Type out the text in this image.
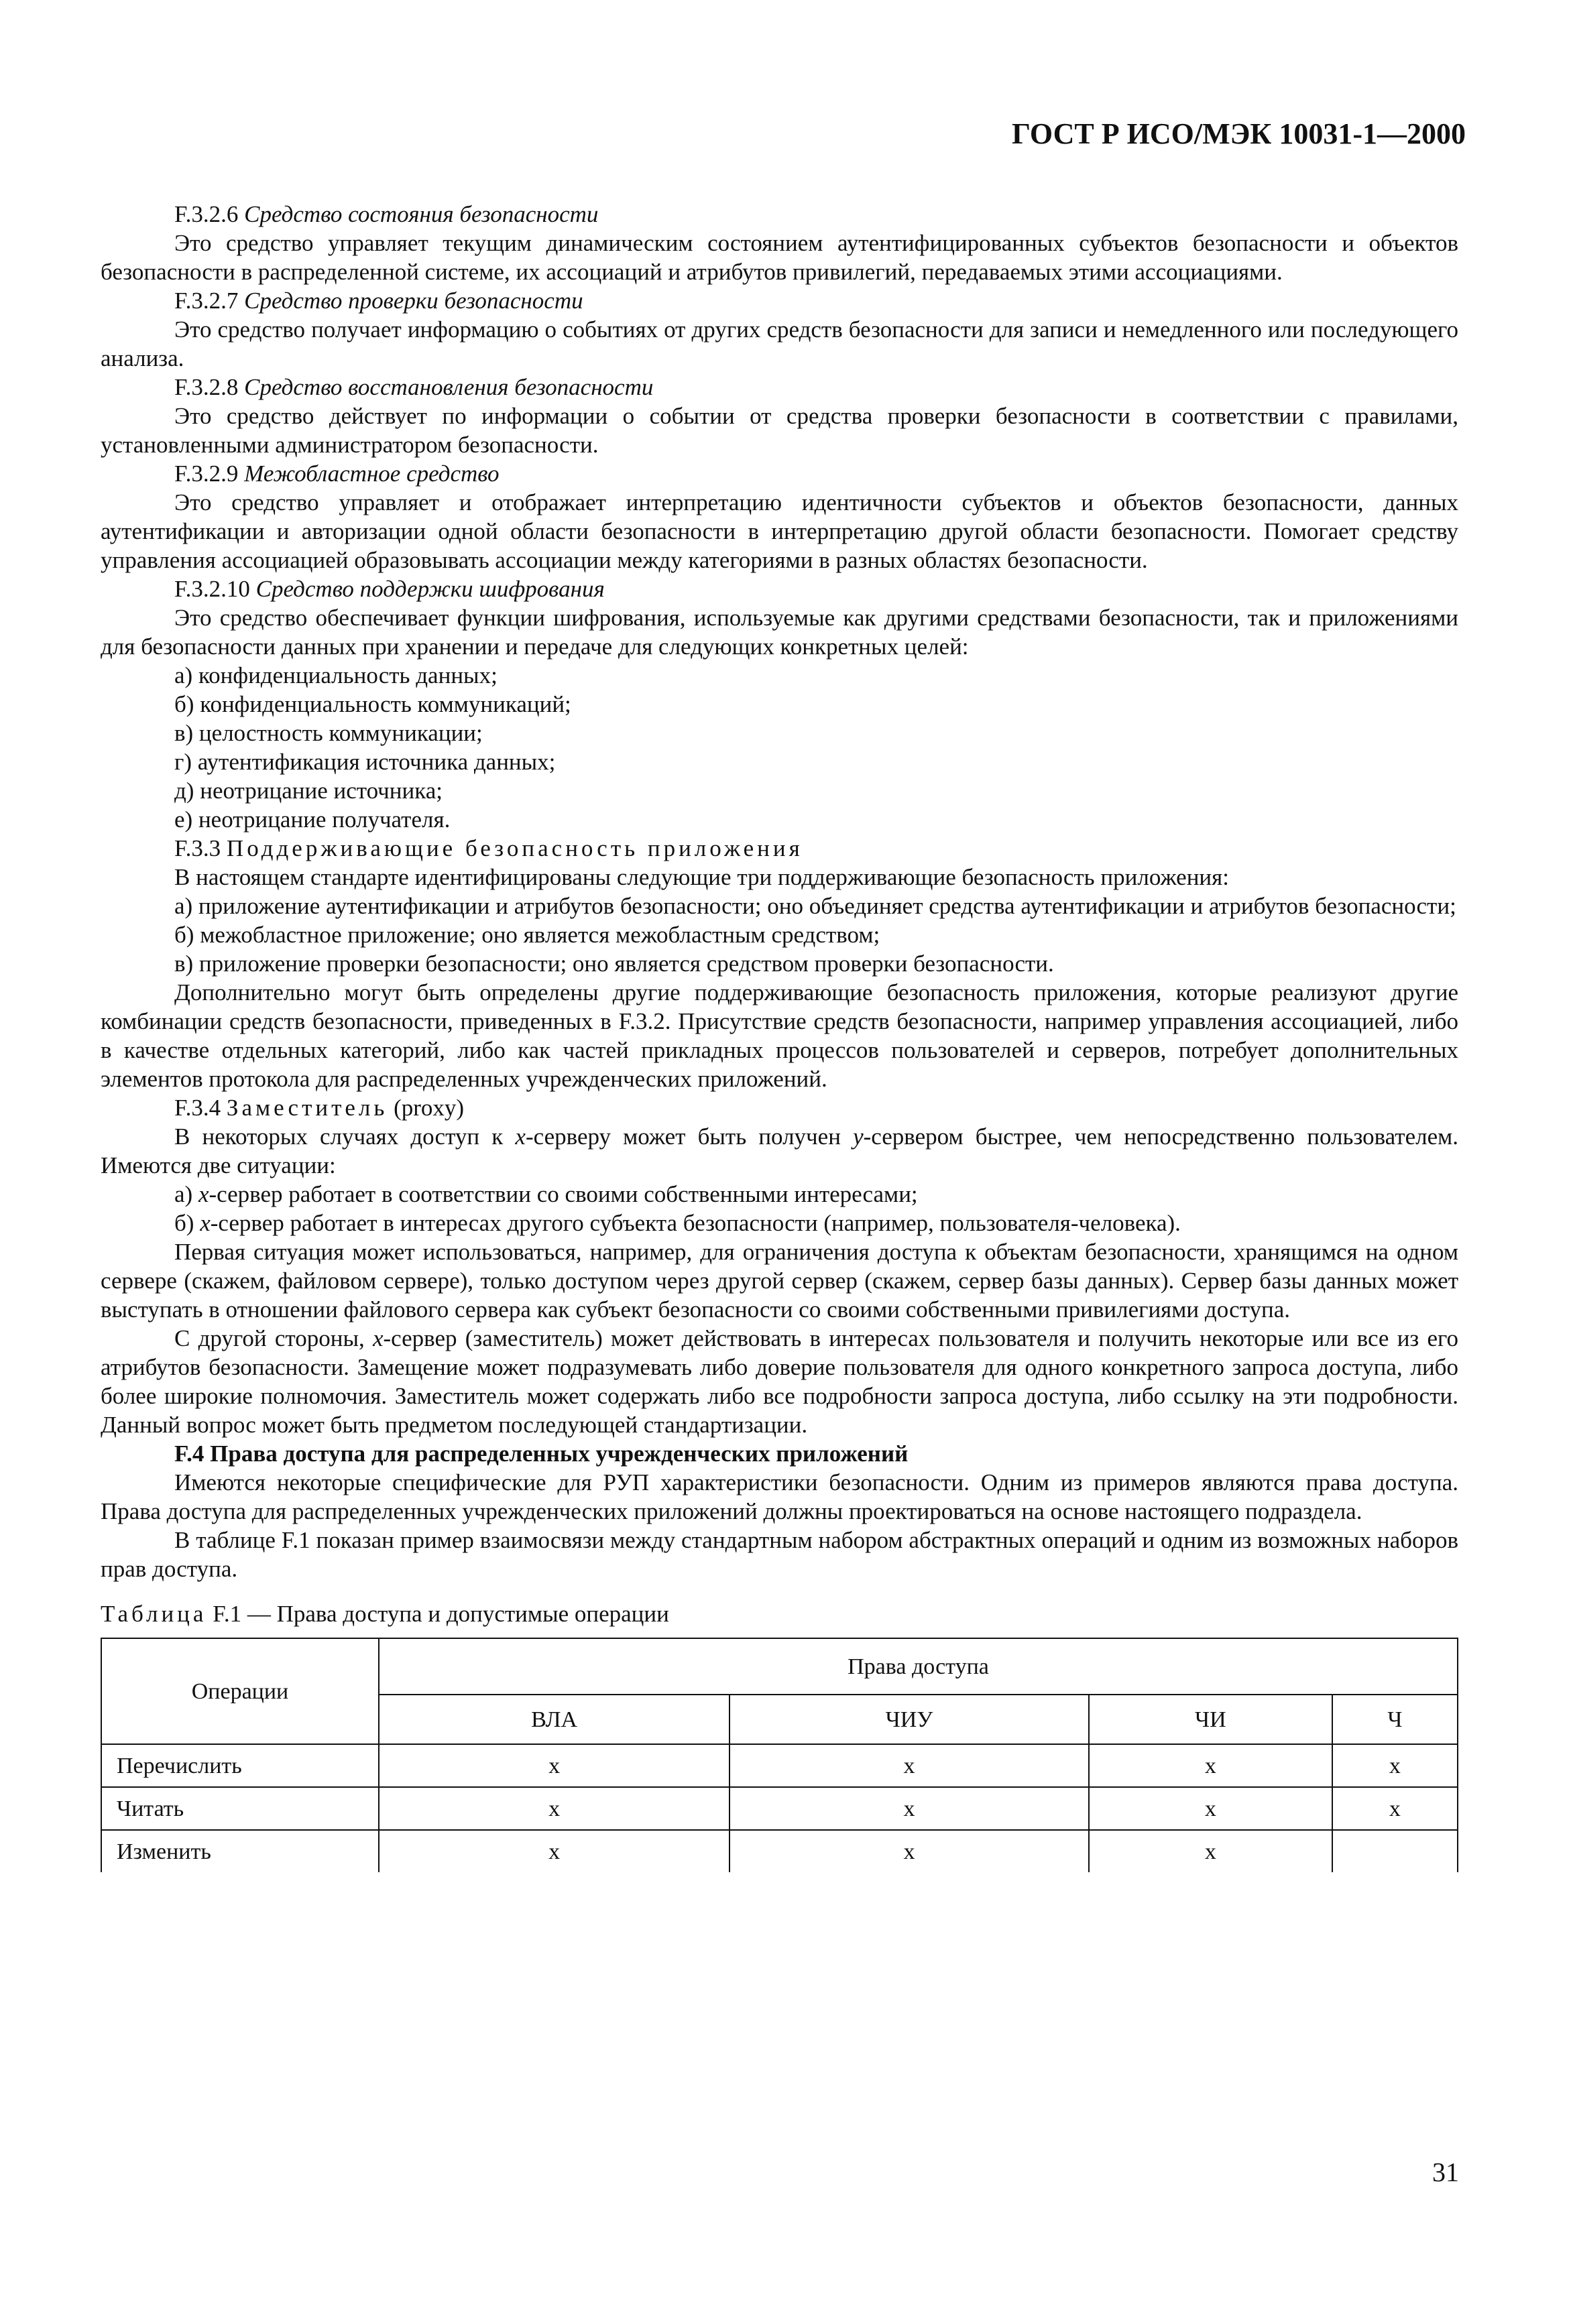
ГОСТ Р ИСО/МЭК 10031-1—2000

F.3.2.6 Средство состояния безопасности

Это средство управляет текущим динамическим состоянием аутентифицированных субъектов безопасности и объектов безопасности в распределенной системе, их ассоциаций и атрибутов привилегий, передаваемых этими ассоциациями.

F.3.2.7 Средство проверки безопасности

Это средство получает информацию о событиях от других средств безопасности для записи и немедленного или последующего анализа.

F.3.2.8 Средство восстановления безопасности

Это средство действует по информации о событии от средства проверки безопасности в соответствии с правилами, установленными администратором безопасности.

F.3.2.9 Межобластное средство

Это средство управляет и отображает интерпретацию идентичности субъектов и объектов безопасности, данных аутентификации и авторизации одной области безопасности в интерпретацию другой области безопасности. Помогает средству управления ассоциацией образовывать ассоциации между категориями в разных областях безопасности.

F.3.2.10 Средство поддержки шифрования

Это средство обеспечивает функции шифрования, используемые как другими средствами безопасности, так и приложениями для безопасности данных при хранении и передаче для следующих конкретных целей:

а) конфиденциальность данных;

б) конфиденциальность коммуникаций;

в) целостность коммуникации;

г) аутентификация источника данных;

д) неотрицание источника;

е) неотрицание получателя.

F.3.3 Поддерживающие безопасность приложения

В настоящем стандарте идентифицированы следующие три поддерживающие безопасность приложения:

а) приложение аутентификации и атрибутов безопасности; оно объединяет средства аутентификации и атрибутов безопасности;

б) межобластное приложение; оно является межобластным средством;

в) приложение проверки безопасности; оно является средством проверки безопасности.

Дополнительно могут быть определены другие поддерживающие безопасность приложения, которые реализуют другие комбинации средств безопасности, приведенных в F.3.2. Присутствие средств безопасности, например управления ассоциацией, либо в качестве отдельных категорий, либо как частей прикладных процессов пользователей и серверов, потребует дополнительных элементов протокола для распределенных учрежденческих приложений.

F.3.4 Заместитель (proxy)

В некоторых случаях доступ к x-серверу может быть получен y-сервером быстрее, чем непосредственно пользователем. Имеются две ситуации:

а) x-сервер работает в соответствии со своими собственными интересами;

б) x-сервер работает в интересах другого субъекта безопасности (например, пользователя-человека).

Первая ситуация может использоваться, например, для ограничения доступа к объектам безопасности, хранящимся на одном сервере (скажем, файловом сервере), только доступом через другой сервер (скажем, сервер базы данных). Сервер базы данных может выступать в отношении файлового сервера как субъект безопасности со своими собственными привилегиями доступа.

С другой стороны, x-сервер (заместитель) может действовать в интересах пользователя и получить некоторые или все из его атрибутов безопасности. Замещение может подразумевать либо доверие пользователя для одного конкретного запроса доступа, либо более широкие полномочия. Заместитель может содержать либо все подробности запроса доступа, либо ссылку на эти подробности. Данный вопрос может быть предметом последующей стандартизации.

F.4 Права доступа для распределенных учрежденческих приложений

Имеются некоторые специфические для РУП характеристики безопасности. Одним из примеров являются права доступа. Права доступа для распределенных учрежденческих приложений должны проектироваться на основе настоящего подраздела.

В таблице F.1 показан пример взаимосвязи между стандартным набором абстрактных операций и одним из возможных наборов прав доступа.

Таблица F.1 — Права доступа и допустимые операции

Операции	Права доступа			
	ВЛА	ЧИУ	ЧИ	Ч
Перечислить	х	х	х	х
Читать	х	х	х	х
Изменить	х	х	х	
31
